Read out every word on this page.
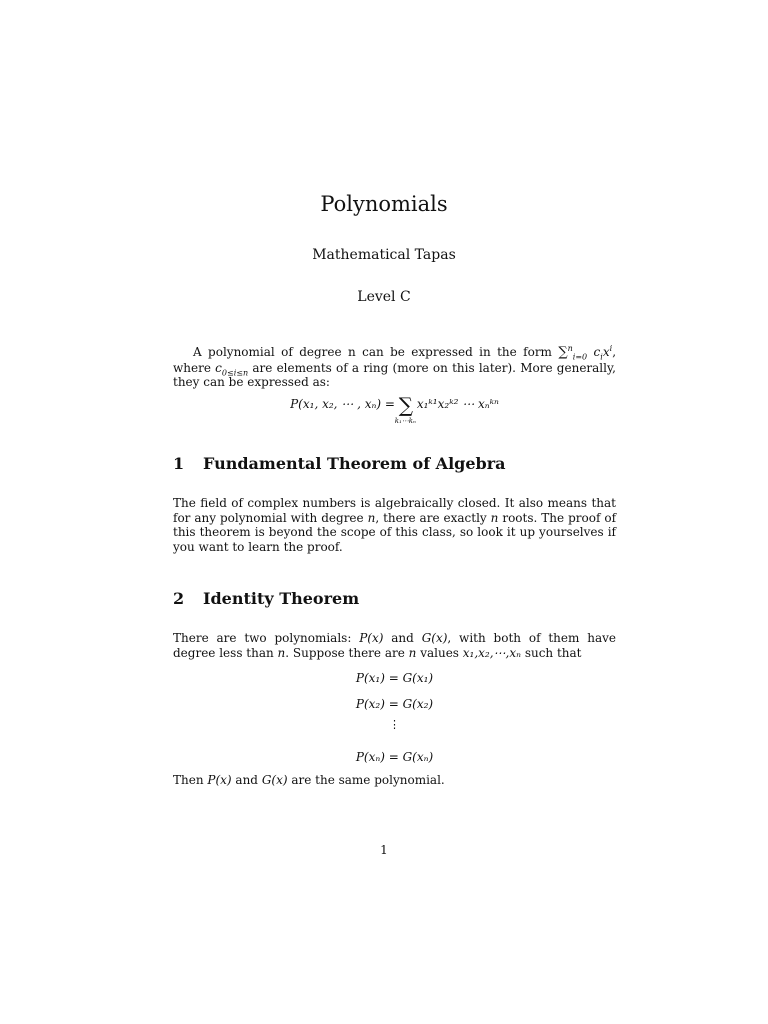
Polynomials
Mathematical Tapas
Level C
A polynomial of degree n can be expressed in the form ∑$^n_{i=0}$ $c_ix^i$, where $c_{0\le i\le n}$ are elements of a ring (more on this later). More generally, they can be expressed as:
P(x₁, x₂, ⋯ , xₙ) = ∑
k₁⋯kₙ
x₁ᵏ¹x₂ᵏ² ⋯ xₙᵏⁿ
1 Fundamental Theorem of Algebra
The field of complex numbers is algebraically closed. It also means that for any polynomial with degree n, there are exactly n roots. The proof of this theorem is beyond the scope of this class, so look it up yourselves if you want to learn the proof.
2 Identity Theorem
There are two polynomials: P(x) and G(x), with both of them have degree less than n. Suppose there are n values x₁,x₂,⋯,xₙ such that
P(x₁) = G(x₁)
P(x₂) = G(x₂)
⋮
P(xₙ) = G(xₙ)
Then P(x) and G(x) are the same polynomial.
1
